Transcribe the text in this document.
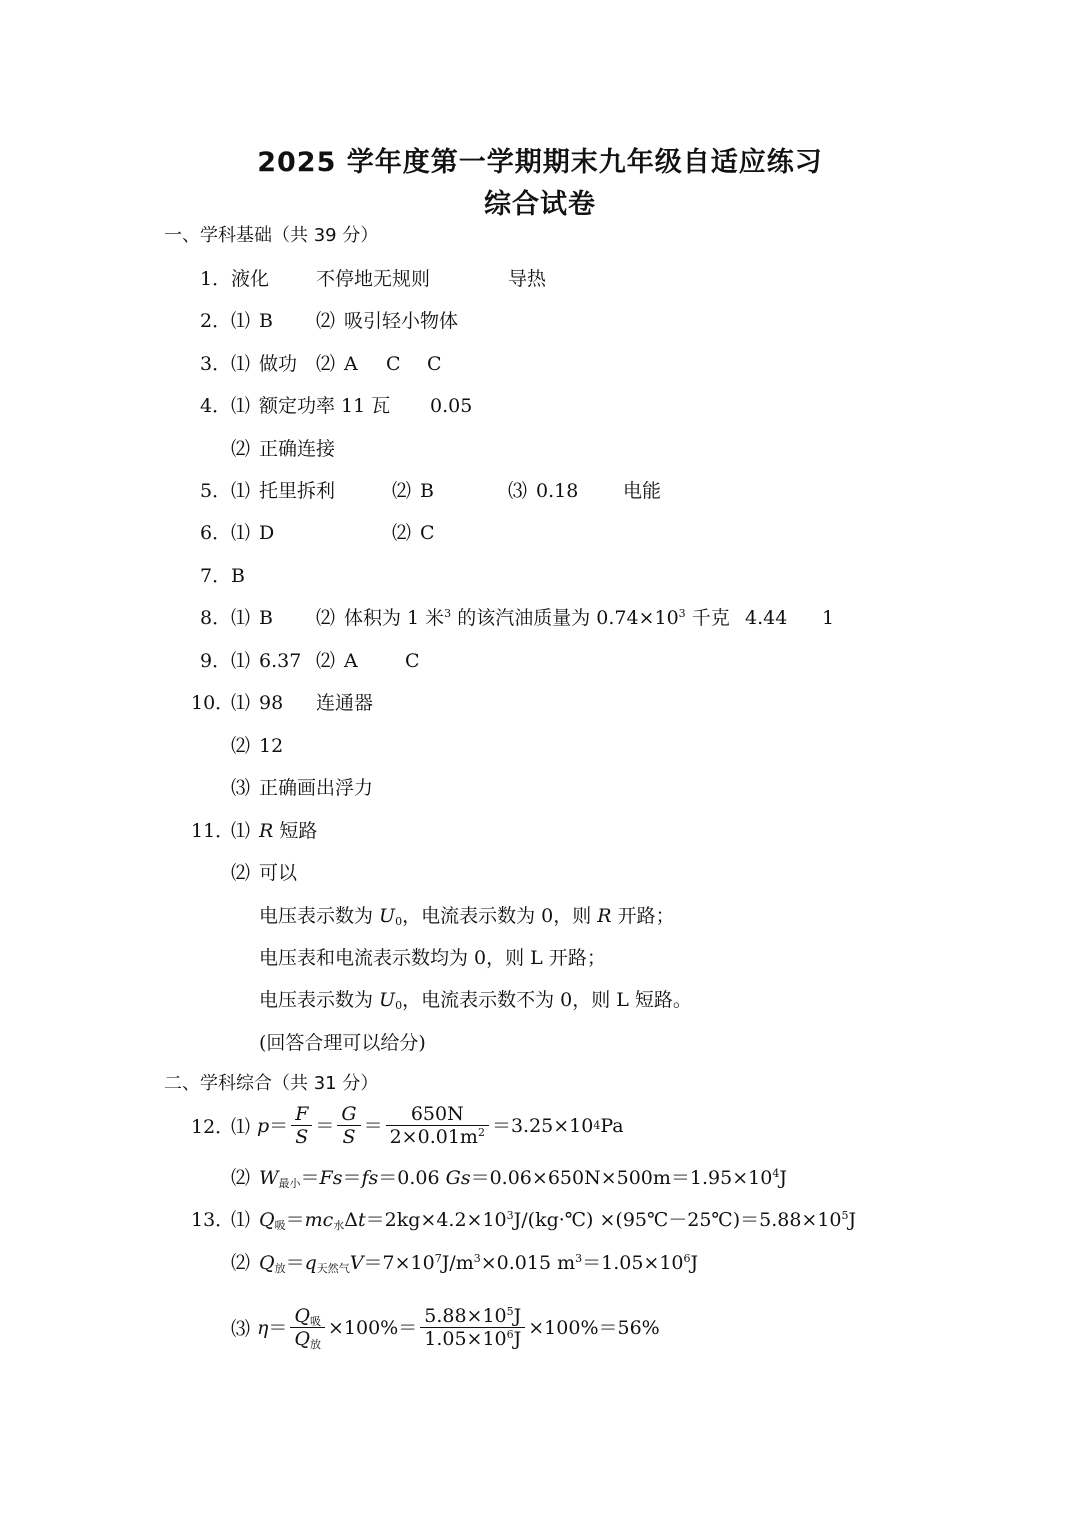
2025 学年度第一学期期末九年级自适应练习
综合试卷
一、学科基础（共 39 分）
1． 液化 不停地无规则	导热
2． ⑴ B ⑵ 吸引轻小物体
3． ⑴ 做功 ⑵ A C C
4． ⑴ 额定功率 11 瓦 0.05
⑵ 正确连接
5． ⑴ 托里拆利	⑵ B	⑶ 0.18 电能
6． ⑴ D	⑵ C
7． B
8． ⑴ B ⑵ 体积为 1 米$^3$ 的该汽油质量为 $0.74\times 10^3$ 千克 4.44 1
9． ⑴ 6.37 ⑵ A C
10．
⑴ 98 连通器
⑵ 12
⑶ 正确画出浮力
11．
⑴ R 短路
⑵ 可以
电压表示数为 $U_0$，电流表示数为 0，则 R 开路；
电压表和电流表示数均为 0，则 L 开路；
电压表示数为 $U_0$，电流表示数不为 0，则 L 短路。
(回答合理可以给分)
二、学科综合（共 31 分）
12．
⑴ $p = \frac{F}{S} = \frac{G}{S} = \frac{650N}{2\times 0.01m^2} =3.25\times 10$ 4 Pa
⑵ $W_{最小}=Fs=fs=0.06$ $Gs=0.06\times 650N\times 500m=1.95\times 10^4J$
13．
⑴ $Q_吸=mc_水\Delta t=2kg\times 4.2\times 10^3J/(kg\cdot℃)$ $\times(95℃-25℃)=5.88\times 10^5J$
⑵ $Q_放=q_{天然气}V=7\times 10^7J/m^3\times 0.015$ $m^3=1.05\times 10^6J$
⑶ $\eta = \frac{Q_吸}{Q_放} \times 100\%= \frac{5.88\times 10^5J}{1.05\times 10^6J} \times 100\%=56\%$
